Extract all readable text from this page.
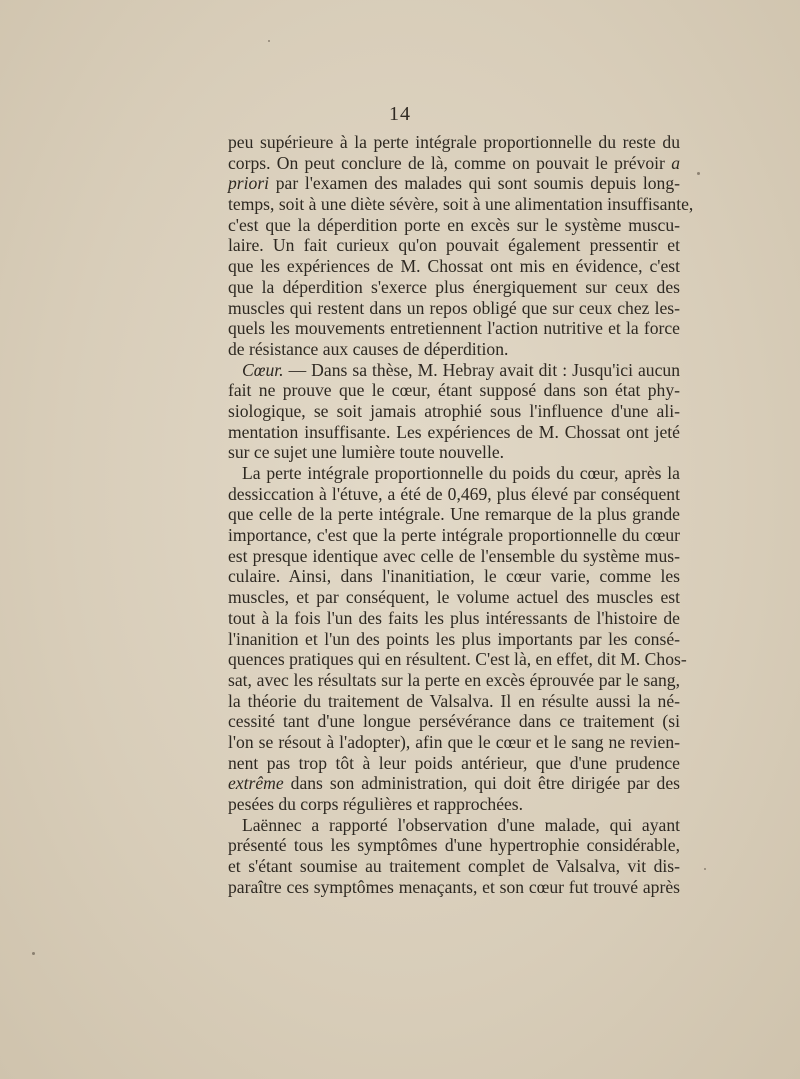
14
peu supérieure à la perte intégrale proportionnelle du reste du
corps. On peut conclure de là, comme on pouvait le prévoir a
priori par l'examen des malades qui sont soumis depuis long-
temps, soit à une diète sévère, soit à une alimentation insuffisante,
c'est que la déperdition porte en excès sur le système muscu-
laire. Un fait curieux qu'on pouvait également pressentir et
que les expériences de M. Chossat ont mis en évidence, c'est
que la déperdition s'exerce plus énergiquement sur ceux des
muscles qui restent dans un repos obligé que sur ceux chez les-
quels les mouvements entretiennent l'action nutritive et la force
de résistance aux causes de déperdition.
Cœur. — Dans sa thèse, M. Hebray avait dit : Jusqu'ici aucun
fait ne prouve que le cœur, étant supposé dans son état phy-
siologique, se soit jamais atrophié sous l'influence d'une ali-
mentation insuffisante. Les expériences de M. Chossat ont jeté
sur ce sujet une lumière toute nouvelle.
La perte intégrale proportionnelle du poids du cœur, après la
dessiccation à l'étuve, a été de 0,469, plus élevé par conséquent
que celle de la perte intégrale. Une remarque de la plus grande
importance, c'est que la perte intégrale proportionnelle du cœur
est presque identique avec celle de l'ensemble du système mus-
culaire. Ainsi, dans l'inanitiation, le cœur varie, comme les
muscles, et par conséquent, le volume actuel des muscles est
tout à la fois l'un des faits les plus intéressants de l'histoire de
l'inanition et l'un des points les plus importants par les consé-
quences pratiques qui en résultent. C'est là, en effet, dit M. Chos-
sat, avec les résultats sur la perte en excès éprouvée par le sang,
la théorie du traitement de Valsalva. Il en résulte aussi la né-
cessité tant d'une longue persévérance dans ce traitement (si
l'on se résout à l'adopter), afin que le cœur et le sang ne revien-
nent pas trop tôt à leur poids antérieur, que d'une prudence
extrême dans son administration, qui doit être dirigée par des
pesées du corps régulières et rapprochées.
Laënnec a rapporté l'observation d'une malade, qui ayant
présenté tous les symptômes d'une hypertrophie considérable,
et s'étant soumise au traitement complet de Valsalva, vit dis-
paraître ces symptômes menaçants, et son cœur fut trouvé après
